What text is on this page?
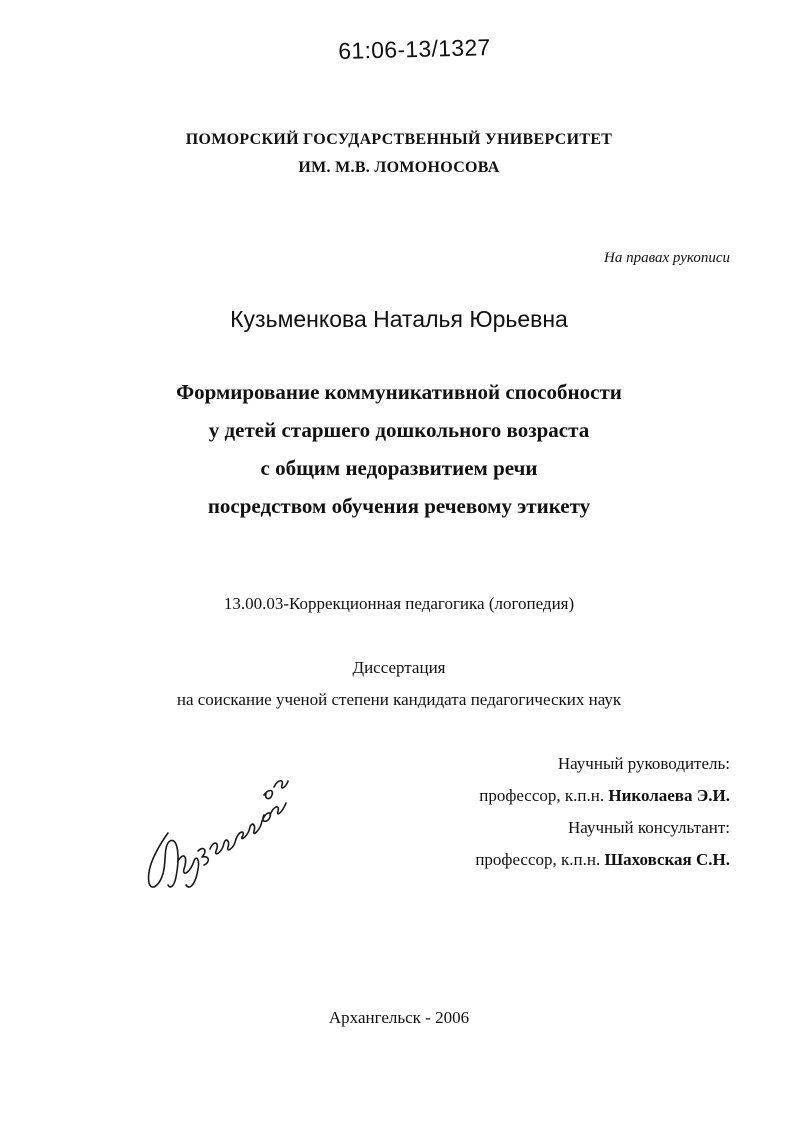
61:06-13/1327
ПОМОРСКИЙ ГОСУДАРСТВЕННЫЙ УНИВЕРСИТЕТ
ИМ. М.В. ЛОМОНОСОВА
На правах рукописи
Кузьменкова Наталья Юрьевна
Формирование коммуникативной способности
у детей старшего дошкольного возраста
с общим недоразвитием речи
посредством обучения речевому этикету
13.00.03-Коррекционная педагогика (логопедия)
Диссертация
на соискание ученой степени кандидата педагогических наук
Научный руководитель:
профессор, к.п.н. Николаева Э.И.
Научный консультант:
профессор, к.п.н. Шаховская С.Н.
Архангельск - 2006
